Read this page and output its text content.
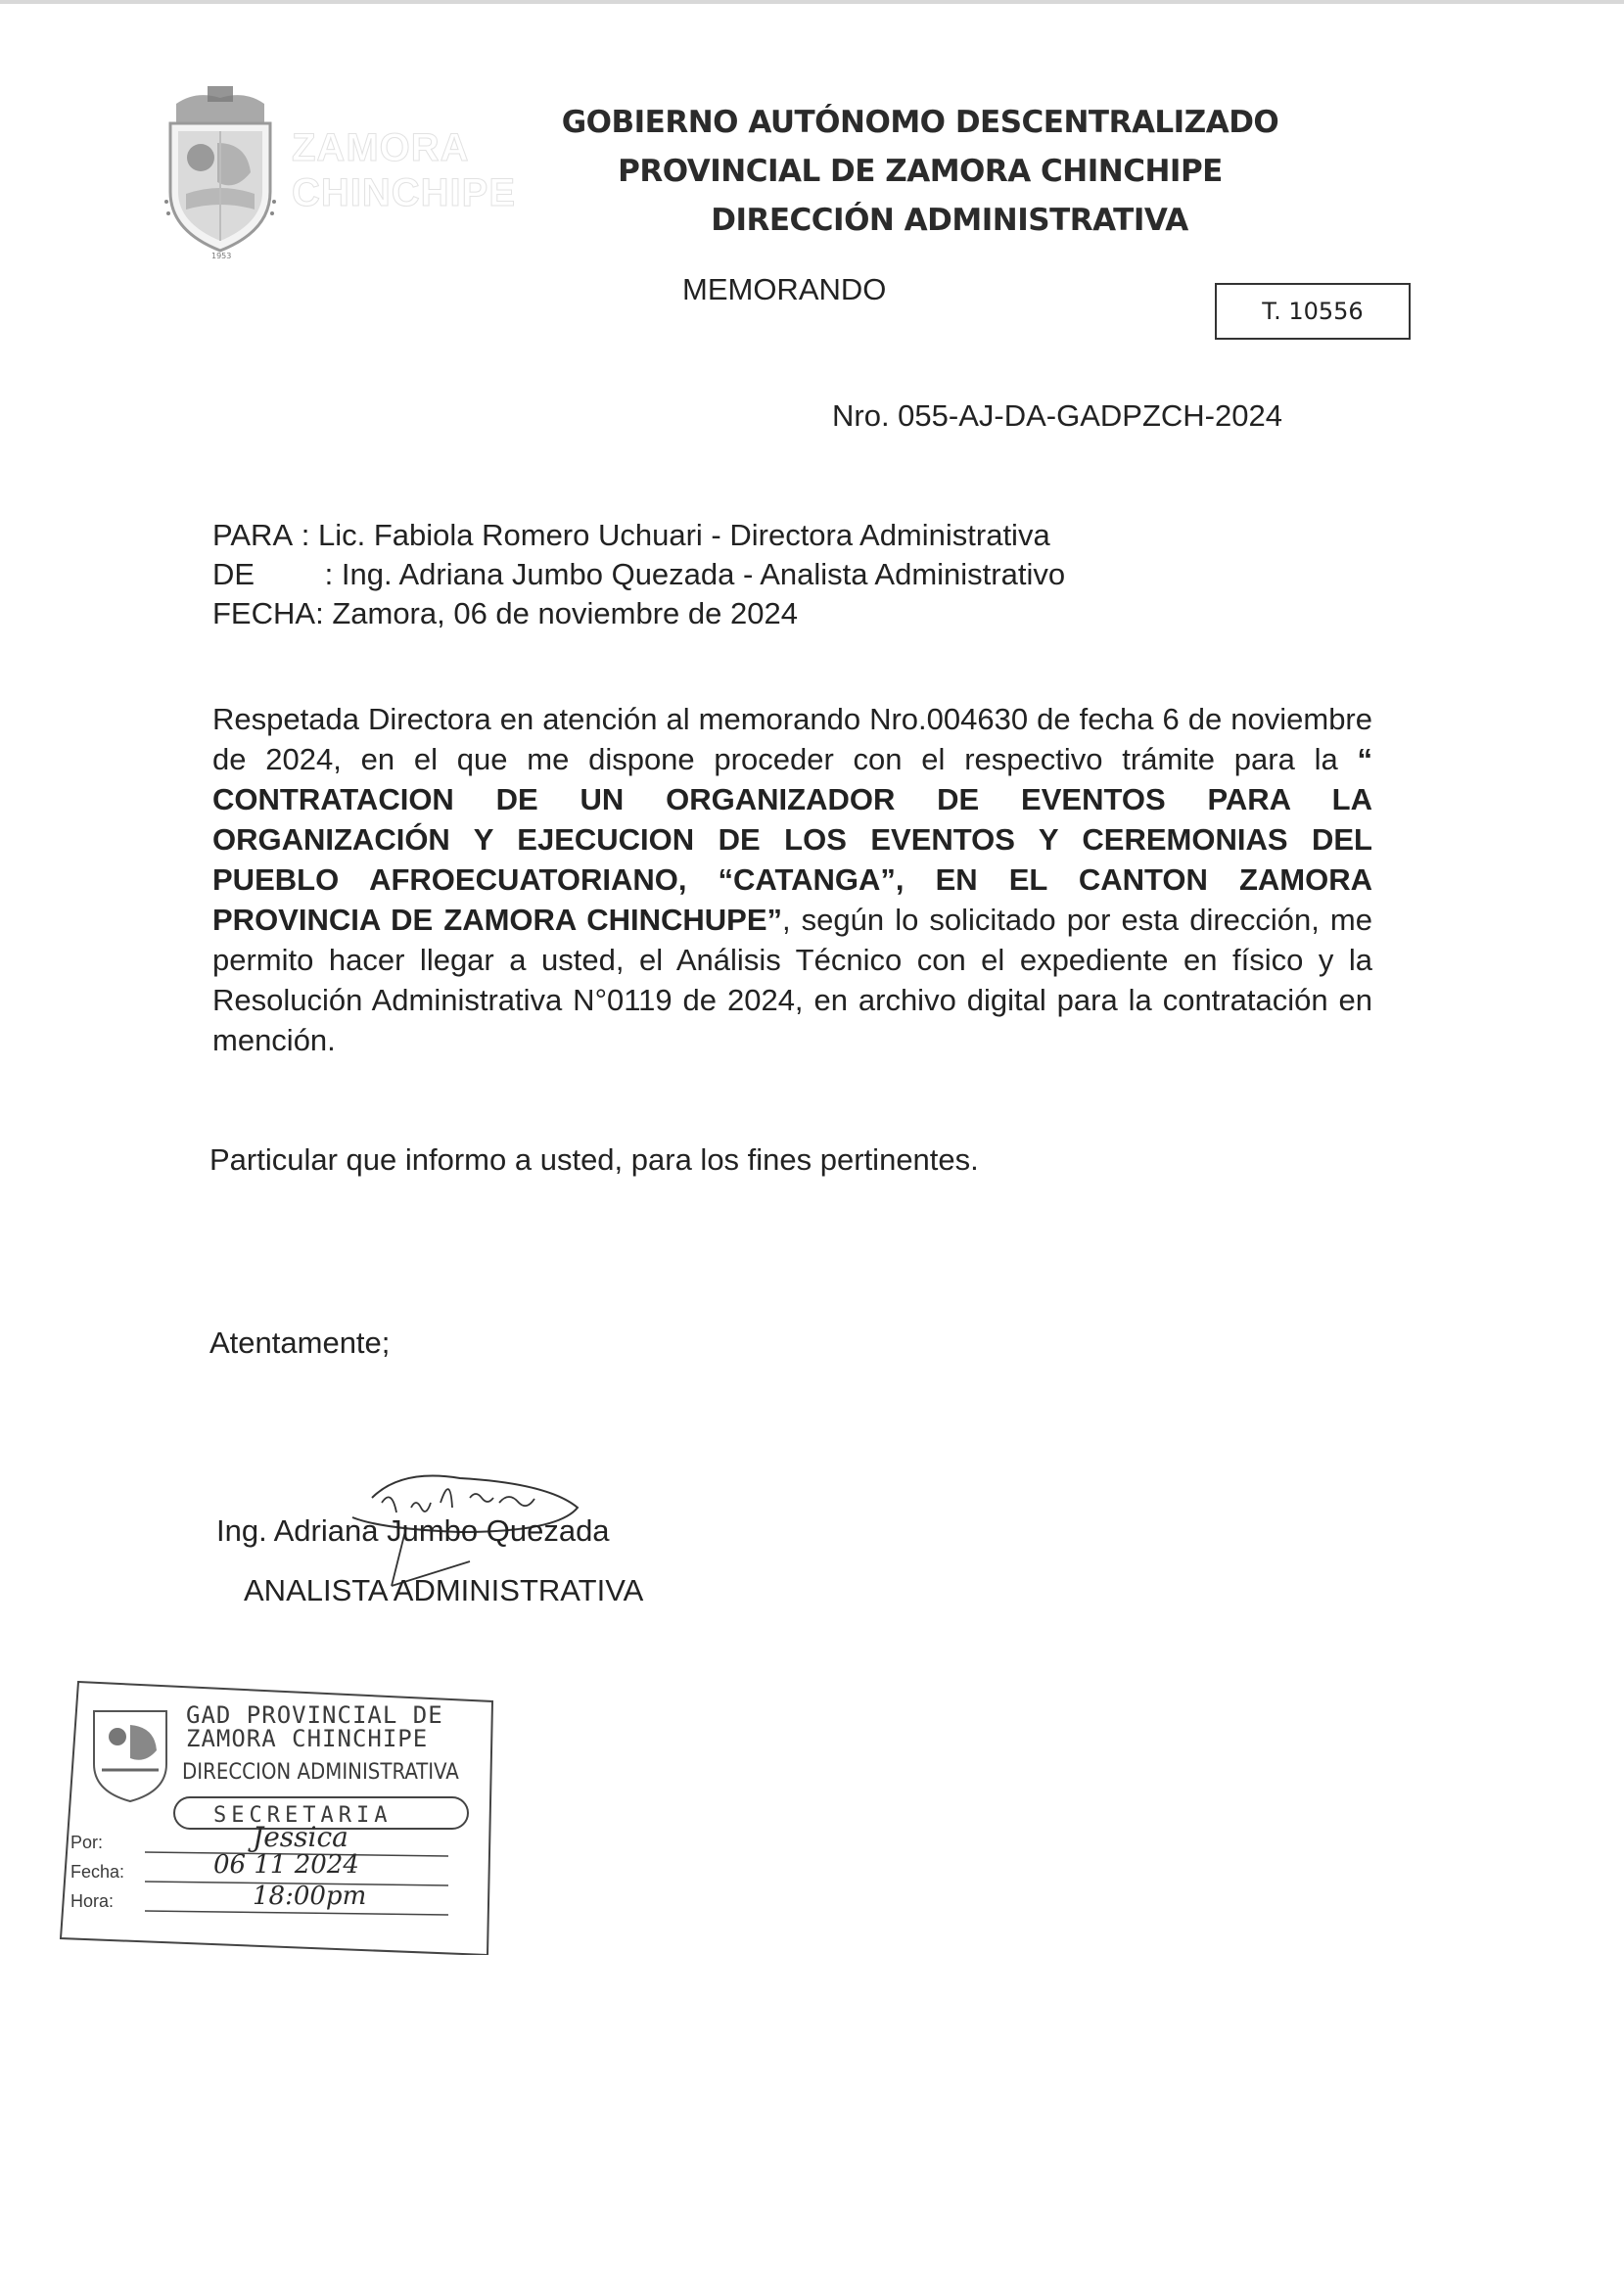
1953
ZAMORA
CHINCHIPE
GOBIERNO AUTÓNOMO DESCENTRALIZADO
PROVINCIAL DE ZAMORA CHINCHIPE
DIRECCIÓN ADMINISTRATIVA
MEMORANDO
T. 10556
Nro. 055-AJ-DA-GADPZCH-2024
PARA : Lic. Fabiola Romero Uchuari - Directora Administrativa
DE : Ing. Adriana Jumbo Quezada - Analista Administrativo
FECHA: Zamora, 06 de noviembre de 2024
Respetada Directora en atención al memorando Nro.004630 de fecha 6 de noviembre de 2024, en el que me dispone proceder con el respectivo trámite para la “ CONTRATACION DE UN ORGANIZADOR DE EVENTOS PARA LA ORGANIZACIÓN Y EJECUCION DE LOS EVENTOS Y CEREMONIAS DEL PUEBLO AFROECUATORIANO, “CATANGA”, EN EL CANTON ZAMORA PROVINCIA DE ZAMORA CHINCHUPE”, según lo solicitado por esta dirección, me permito hacer llegar a usted, el Análisis Técnico con el expediente en físico y la Resolución Administrativa N°0119 de 2024, en archivo digital para la contratación en mención.
Particular que informo a usted, para los fines pertinentes.
Atentamente;
Ing. Adriana Jumbo Quezada
ANALISTA ADMINISTRATIVA
GAD PROVINCIAL DE
ZAMORA CHINCHIPE
DIRECCION ADMINISTRATIVA
SECRETARIA
Por:
Fecha:
Hora:
Jessica
06 11 2024
18:00pm
